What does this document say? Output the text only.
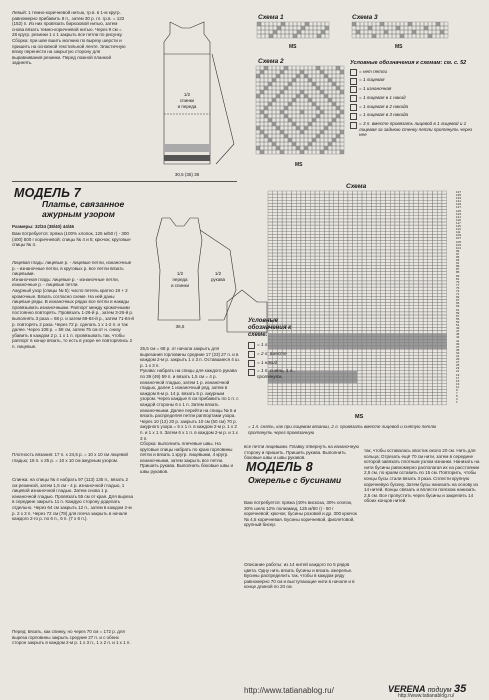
Левый: 1 темно-коричневой нитью, гр.в. в 1-м кругр. равномерно прибавить 8 п., затем 30 р. гл. гр.в. = 122 (152) п. Из них провязать бирюзовой нитью, затем снова вязать темно-коричневой нитью. Через 9 см = 28 кругр. резинки 1 x 1 закрыть все петли по рисунку.
Сборка: при шве вшить молнию по вырезу шерсти и пришить на основной текстильной ленте. Эластичную вязку перенести на закрытую сторону для выравнивания резинки. Перед ложной планкой задинять.
1/2
спинки
и переда
30,5 (35) 38
Схема 1
МS
Схема 3
МS
Схема 2
МS
Условные обозначения к схемам: см. с. 52
= нет петли
= 1 лицевая
= 1 изнаночная
= 1 лицевая в 1 накид
= 1 лицевая в 2 накида
= 1 лицевая в 3 накида
= 3 п. вместе провязать лицевой в 1 лицевой и 1 лицевая за заднюю стенку петли протянуть через нее
МОДЕЛЬ 7
Платье, связанное ажурным узором
Размеры: 32/34 (38/40) 44/46
Вам потребуется: пряжа (100% хлопок, 125 м/50 г) - 300 (400) 500 г коричневой; спицы № 4 и 5; крючок; круговые спицы № 4.
Лицевая гладь: лицевые р. - лицевые петли, изнаночные р. - изнаночные петли, в круговых р. все петли вязать лицевыми.
Изнаночная гладь: лицевые р. - изнаночные петли, изнаночные р. - лицевые петли.
Ажурный узор (спицы № 5): число петель кратно 19 + 2 кромочные. Вязать согласно схеме. На ней даны лицевые ряды. В изнаночных рядах все петли и накиды провязывать изнаночными. Раппорт между кромочными постоянно повторять. Провязать 1-26-й р., затем 3-26-й р. выполнять 3 раза = 68 р. и затем 69-84-й р., затем 71-84-й р. повторять 2 раза. Через 72 р. сделать 1 х 1-2 п. и так далее. Через 108 р. = 58 см, затем 75 см от н. снизу убавить в каждом 2 р. 1 х 1 п. провязывать так, чтобы раппорт в конце вязать, то есть в узоре не повторялись 2 п. лицевые.
Плотность вязания: 17 п. х 24,5 р. = 10 х 10 см лицевой гладью; 18 п. х 25 р. = 10 х 10 см ажурным узором.
Спинка: на спицы № 4 набрать 97 (113) 135 п., вязать 2 см резинкой, затем 1,5 см - 4 р. изнаночной гладью, 1 лицевой изнаночной гладью. Затем снова 1 р. изнаночной гладью. Провязать 55 см от края. Для выреза в середине закрыть 11 п. Каждую сторону доделать отдельно. Через 64 см закрыть 12 п., затем в каждом 2-м р. 2 х 3 п. Через 72 см (78) для плеча закрыть в начале каждого 2-го р. по 6 п., 6 п. (7 х 6 п.).
Перед: вязать, как спинку, но через 70 см = 172 р. для выреза горловины закрыть средние 27 п. и с обеих сторон закрыть в каждом 2-м р. 1 х 3 п., 1 х 2 п. и 1 х 1 п.
1/2
переда
и спинки
36,5
1/2
рукава
25,5 см = 68 р. от начала закрыть для вырезания горловины средние 17 (23) 27 п. и в каждом 2-м р. закрыть 1 х 3 п. Оставшиеся 4 ш. р. 1 х 3 п.
Рукава: набрать на спицы для каждого рукава по 39 (49) 59 п. и вязать 1,5 см = 4 р. изнаночной гладью, затем 1 р. изнаночной гладью, далее 1 изнаночный ряд, затем в каждом 6-м р. 14 р. вязать 5 р. ажурным узором. Через каждые 6 см прибавить по 1 п. с каждой стороны 6 х 1 п. Затем вязать изнаночными. Далее перейти на спицы № 5 и вязать распределяя петли раппортами узора. Через 10 (12) 20 р. закрыть 10 см (50 см) 70 р. ажурного узора = 5 х 1 п. в каждом 2-м р. 1 х 2 п. и 1 х 1 п. Затем 6 х 1 п. в каждом 2-м р. и 1 х 3 п.
Сборка: выполнить плечевые швы. На круговые спицы набрать по краю горловины петли и вязать 1 кругр. лицевыми, 4 кругр. изнаночными, затем закрыть все петли. Пришить рукава. Выполнить боковые швы и швы рукавов.
Схема
137
135
133
131
129
127
125
123
121
119
117
115
113
111
109
107
105
103
101
99
97
95
93
91
89
87
85
83
81
79
77
75
73
71
69
67
65
63
61
59
57
55
53
51
49
47
45
43
41
39
37
35
33
31
29
27
25
23
21
19
17
15
13
11
9
7
5
3
1
МS
Условные обозначения к схеме:
= 1 л.
= 2 л. вместе
= 1 накид
= 1 п. снять, 1 л., протянуть
= 1 п. снять, как при лицевом вязании, 2 л. провязать вместе лицевой и снятую петлю протянуть через провязанную
все петли лицевыми. Плавку отвернуть на изнаночную сторону и пришить. Пришить рукава. Выполнить боковые швы и швы рукавов.
МОДЕЛЬ 8
Ожерелье с бусинами
Вам потребуется: пряжа (40% вискоза, 30% хлопок, 30% шелк 12% полиамид, 125 м/50 г) - 50 г коричневой; крючок; бусины розовой и др. 300 крючок № 4,5 коричневая. Бусины коричневой, фиолетовой, крупный бисер.
Описание работы: из 14 нитей каждого по 5 рядов цвета. Одну нить вязать бусины и вязать ожерелье. Бусины распределить так, чтобы в каждом ряду равномерно 70 см и выступающие нити в начале и в конце длиной по 20 см.
так, чтобы оставалась хвостик около 20 см. Нить для кольца: Отрезать ещё 70 см нити, затем в середине которой завязать плотным узлом изнанки. Нанизать на нити бусины равномерно располагая их на расстоянии 2,5 см, по краям оставить по 15 см. Повторить, чтобы концы бусы стали вязать 3 раза. Сплести крупную коричневую бусину. Затем бусы нанизать на основу из 14 нитей. Концы связать и вплести пояском нанизать 2,5 см. Все пропустить через бусины и закрепить 14 обоих концов нитей.
http://www.tatianablog.ru/	VERENA подиум 35
http://www.tatianablog.ru/
